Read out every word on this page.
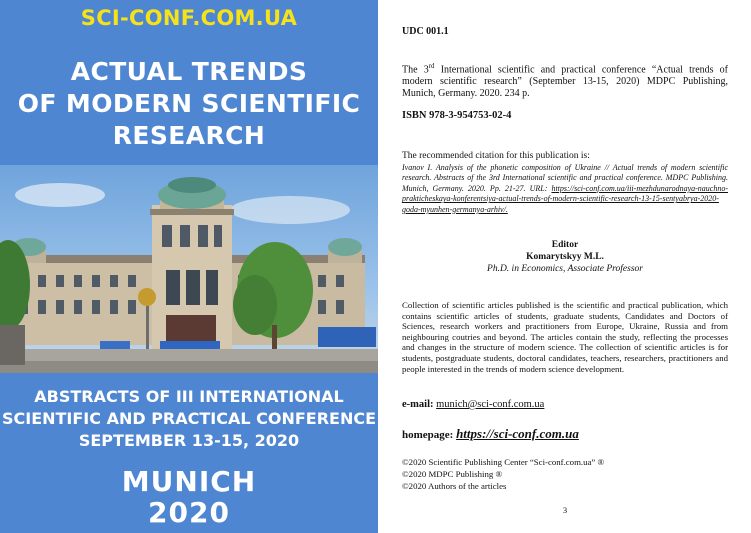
SCI-CONF.COM.UA
ACTUAL TRENDS
OF MODERN SCIENTIFIC
RESEARCH
ABSTRACTS OF III INTERNATIONAL
SCIENTIFIC AND PRACTICAL CONFERENCE
SEPTEMBER 13-15, 2020
MUNICH
2020
UDC 001.1
The 3rd International scientific and practical conference “Actual trends of modern scientific research” (September 13-15, 2020) MDPC Publishing, Munich, Germany. 2020. 234 p.
ISBN 978-3-954753-02-4
The recommended citation for this publication is:
Ivanov I. Analysis of the phonetic composition of Ukraine // Actual trends of modern scientific research. Abstracts of the 3rd International scientific and practical conference. MDPC Publishing. Munich, Germany. 2020. Pp. 21-27. URL: https://sci-conf.com.ua/iii-mezhdunarodnaya-nauchno-prakticheskaya-konferentsiya-actual-trends-of-modern-scientific-research-13-15-sentyabrya-2020-goda-myunhen-germanya-arhiv/.
Editor
Komarytskyy M.L.
Ph.D. in Economics, Associate Professor
Collection of scientific articles published is the scientific and practical publication, which contains scientific articles of students, graduate students, Candidates and Doctors of Sciences, research workers and practitioners from Europe, Ukraine, Russia and from neighbouring coutries and beyond. The articles contain the study, reflecting the processes and changes in the structure of modern science. The collection of scientific articles is for students, postgraduate students, doctoral candidates, teachers, researchers, practitioners and people interested in the trends of modern science development.
e-mail: munich@sci-conf.com.ua
homepage: https://sci-conf.com.ua
©2020 Scientific Publishing Center “Sci-conf.com.ua” ®
©2020 MDPC Publishing ®
©2020 Authors of the articles
3
